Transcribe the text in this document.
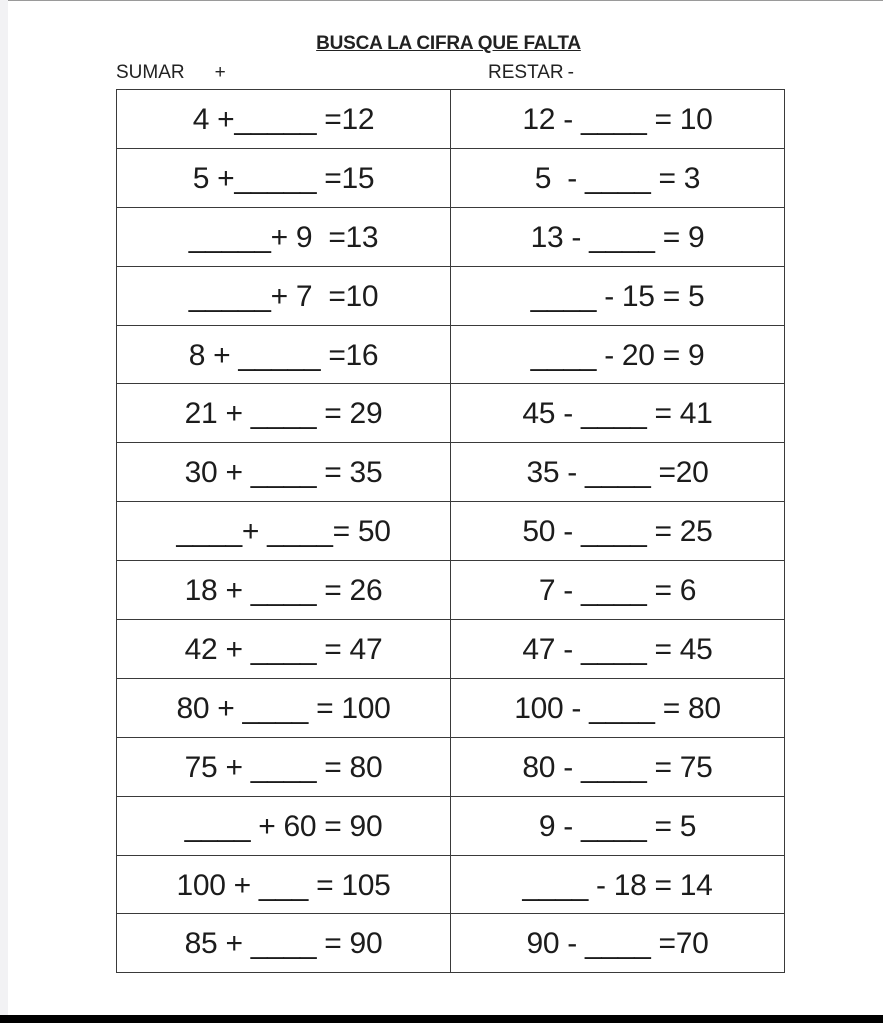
BUSCA LA CIFRA QUE FALTA
SUMAR +	RESTAR -
4 +_____ =12	12 - ____ = 10
5 +_____ =15	5  - ____ = 3
_____+ 9  =13	13 - ____ = 9
_____+ 7  =10	____ - 15 = 5
8 + _____ =16	____ - 20 = 9
21 + ____ = 29	45 - ____ = 41
30 + ____ = 35	35 - ____ =20
____+ ____= 50	50 - ____ = 25
18 + ____ = 26	7 - ____ = 6
42 + ____ = 47	47 - ____ = 45
80 + ____ = 100	100 - ____ = 80
75 + ____ = 80	80 - ____ = 75
____ + 60 = 90	9 - ____ = 5
100 + ___ = 105	____ - 18 = 14
85 + ____ = 90	90 - ____ =70
